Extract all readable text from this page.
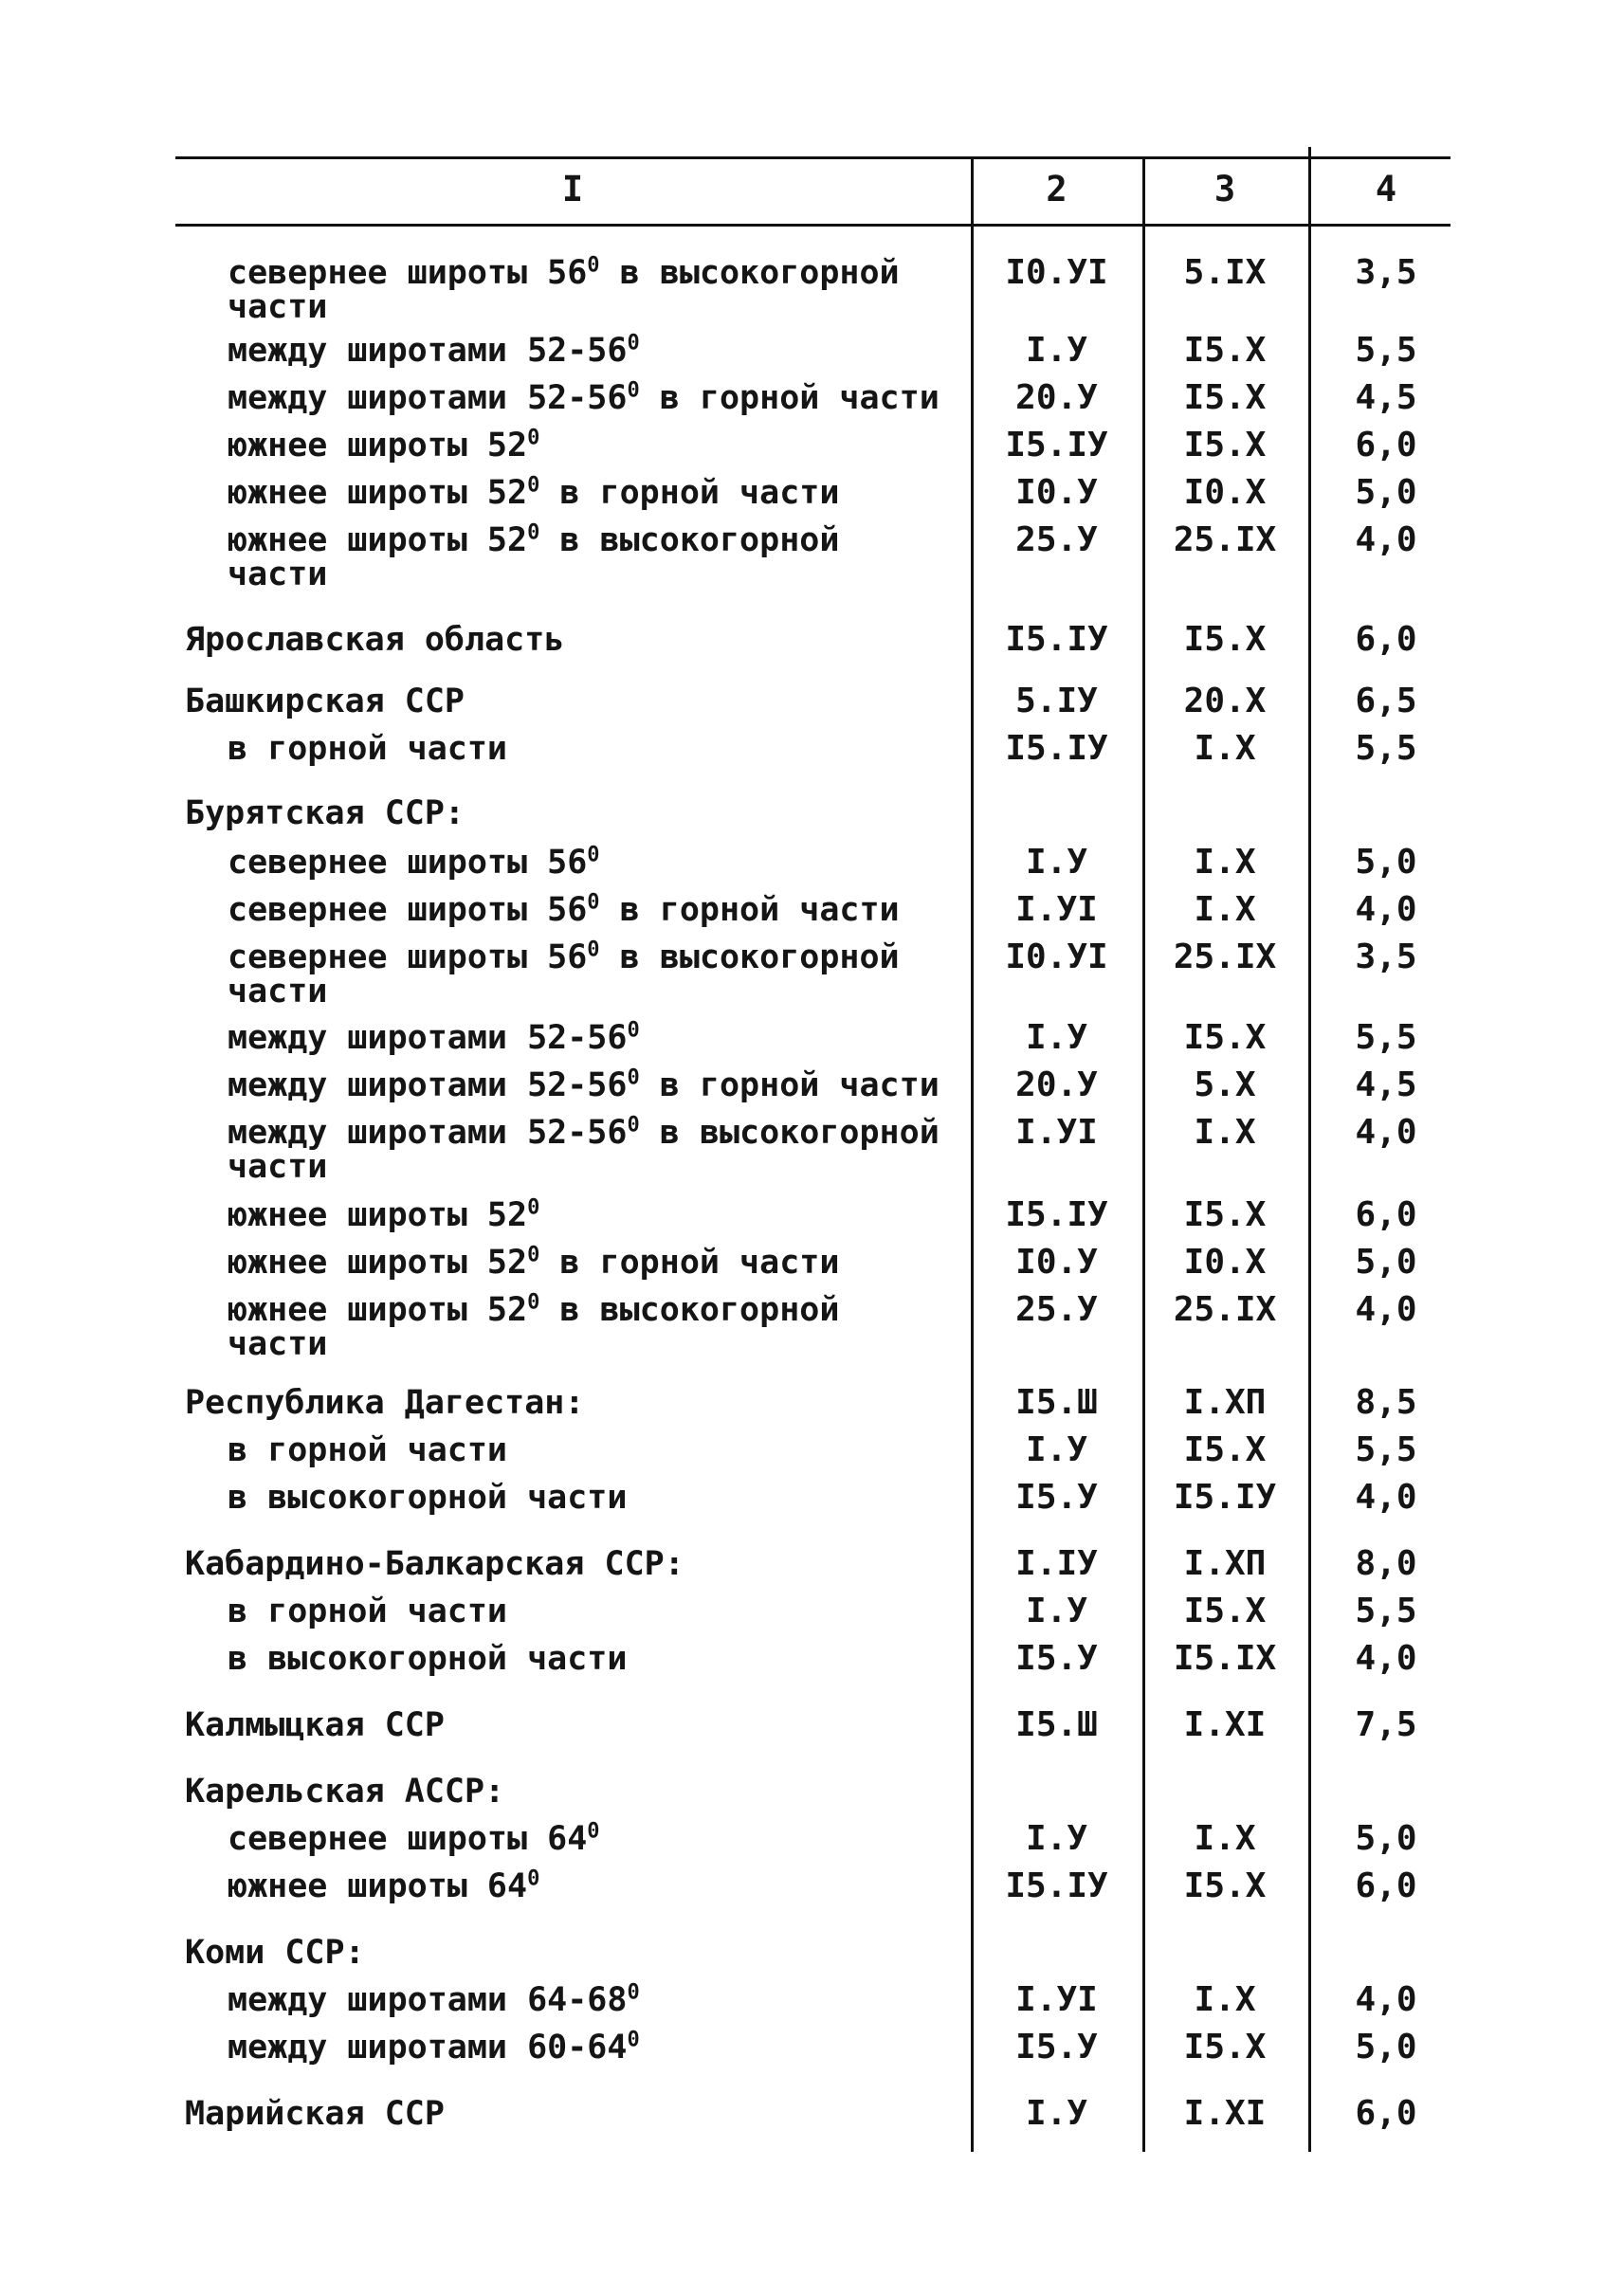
I	2	3	4
севернее широты $56^0$ в высокогорной
части
I0.УI	5.IX	3,5
между широтами $52-56^0$	I.У	I5.X	5,5
между широтами $52-56^0$ в горной части	20.У	I5.X	4,5
южнее широты $52^0$	I5.IУ	I5.X	6,0
южнее широты $52^0$ в горной части	I0.У	I0.X	5,0
южнее широты $52^0$ в высокогорной
части
25.У	25.IX	4,0
Ярославская область	I5.IУ	I5.X	6,0
Башкирская ССР	5.IУ	20.X	6,5
в горной части	I5.IУ	I.X	5,5
Бурятская ССР:
севернее широты $56^0$	I.У	I.X	5,0
севернее широты $56^0$ в горной части	I.УI	I.X	4,0
севернее широты $56^0$ в высокогорной
части
I0.УI	25.IX	3,5
между широтами $52-56^0$	I.У	I5.X	5,5
между широтами $52-56^0$ в горной части	20.У	5.X	4,5
между широтами $52-56^0$ в высокогорной
части
I.УI	I.X	4,0
южнее широты $52^0$	I5.IУ	I5.X	6,0
южнее широты $52^0$ в горной части	I0.У	I0.X	5,0
южнее широты $52^0$ в высокогорной
части
25.У	25.IX	4,0
Республика Дагестан:	I5.Ш	I.XП	8,5
в горной части	I.У	I5.X	5,5
в высокогорной части	I5.У	I5.IУ	4,0
Кабардино-Балкарская ССР:	I.IУ	I.XП	8,0
в горной части	I.У	I5.X	5,5
в высокогорной части	I5.У	I5.IX	4,0
Калмыцкая ССР	I5.Ш	I.XI	7,5
Карельская АССР:
севернее широты $64^0$	I.У	I.X	5,0
южнее широты $64^0$	I5.IУ	I5.X	6,0
Коми ССР:
между широтами $64-68^0$	I.УI	I.X	4,0
между широтами $60-64^0$	I5.У	I5.X	5,0
Марийская ССР	I.У	I.XI	6,0
